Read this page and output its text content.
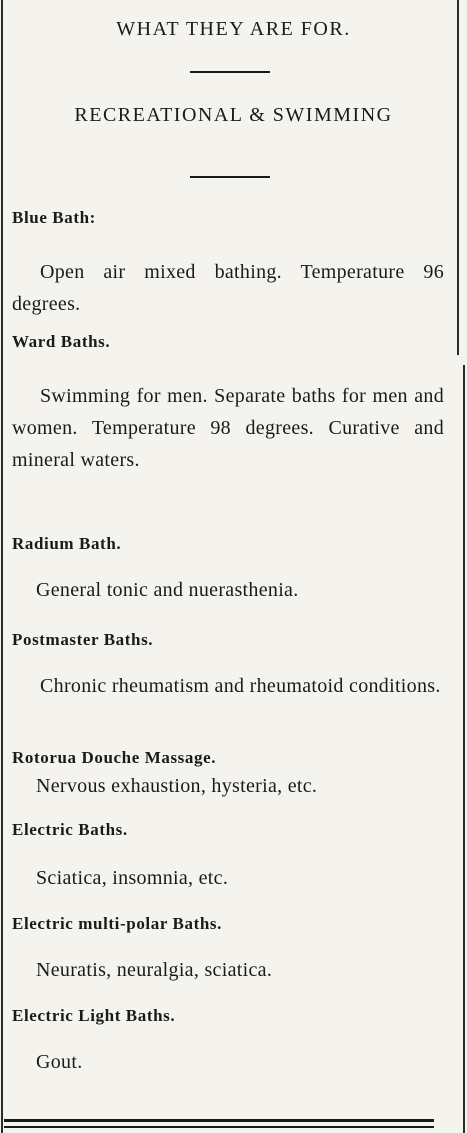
WHAT THEY ARE FOR.
RECREATIONAL & SWIMMING
Blue Bath:
Open air mixed bathing. Temperature 96 degrees.
Ward Baths.
Swimming for men. Separate baths for men and women. Temperature 98 degrees. Curative and mineral waters.
Radium Bath.
General tonic and nuerasthenia.
Postmaster Baths.
Chronic rheumatism and rheumatoid conditions.
Rotorua Douche Massage.
Nervous exhaustion, hysteria, etc.
Electric Baths.
Sciatica, insomnia, etc.
Electric multi-polar Baths.
Neuratis, neuralgia, sciatica.
Electric Light Baths.
Gout.
